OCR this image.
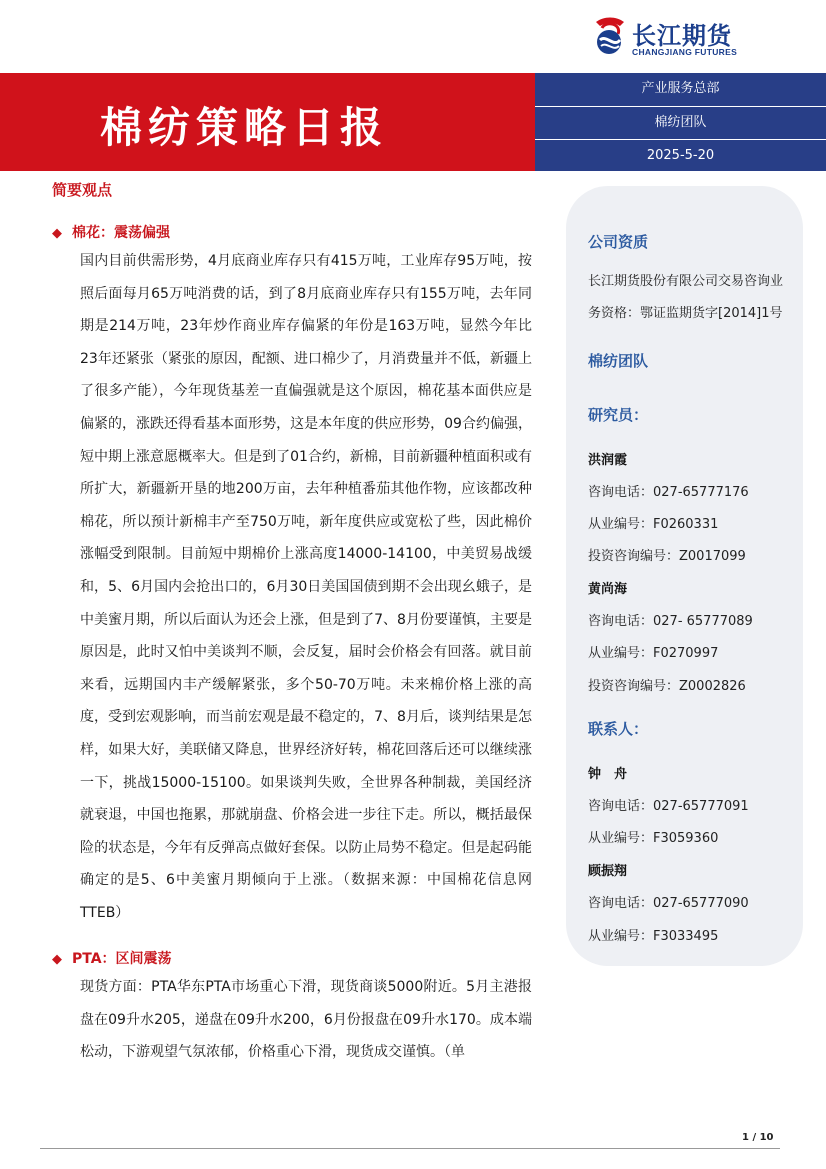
长江期货
CHANGJIANG FUTURES
棉纺策略日报
产业服务总部
棉纺团队
2025-5-20
简要观点
◆ 棉花：震荡偏强

国内目前供需形势，4月底商业库存只有415万吨，工业库存95万吨，按照后面每月65万吨消费的话，到了8月底商业库存只有155万吨，去年同期是214万吨，23年炒作商业库存偏紧的年份是163万吨，显然今年比23年还紧张（紧张的原因，配额、进口棉少了，月消费量并不低，新疆上了很多产能），今年现货基差一直偏强就是这个原因，棉花基本面供应是偏紧的，涨跌还得看基本面形势，这是本年度的供应形势，09合约偏强，短中期上涨意愿概率大。但是到了01合约，新棉，目前新疆种植面积或有所扩大，新疆新开垦的地200万亩，去年种植番茄其他作物，应该都改种棉花，所以预计新棉丰产至750万吨，新年度供应或宽松了些，因此棉价涨幅受到限制。目前短中期棉价上涨高度14000-14100，中美贸易战缓和，5、6月国内会抢出口的，6月30日美国国债到期不会出现幺蛾子，是中美蜜月期，所以后面认为还会上涨，但是到了7、8月份要谨慎，主要是原因是，此时又怕中美谈判不顺，会反复，届时会价格会有回落。就目前来看，远期国内丰产缓解紧张，多个50-70万吨。未来棉价格上涨的高度，受到宏观影响，而当前宏观是最不稳定的，7、8月后，谈判结果是怎样，如果大好，美联储又降息，世界经济好转，棉花回落后还可以继续涨一下，挑战15000-15100。如果谈判失败，全世界各种制裁，美国经济就衰退，中国也拖累，那就崩盘、价格会进一步往下走。所以，概括最保险的状态是，今年有反弹高点做好套保。以防止局势不稳定。但是起码能确定的是5、6中美蜜月期倾向于上涨。（数据来源：中国棉花信息网　TTEB）

◆ PTA：区间震荡

现货方面：PTA华东PTA市场重心下滑，现货商谈5000附近。5月主港报盘在09升水205，递盘在09升水200，6月份报盘在09升水170。成本端松动，下游观望气氛浓郁，价格重心下滑，现货成交谨慎。（单

公司资质
长江期货股份有限公司交易咨询业
务资格：鄂证监期货字[2014]1号
棉纺团队
研究员：
洪润霞
咨询电话：027-65777176
从业编号：F0260331
投资咨询编号：Z0017099
黄尚海
咨询电话：027- 65777089
从业编号：F0270997
投资咨询编号：Z0002826
联系人：
钟　舟
咨询电话：027-65777091
从业编号：F3059360
顾振翔
咨询电话：027-65777090
从业编号：F3033495
1 / 10
